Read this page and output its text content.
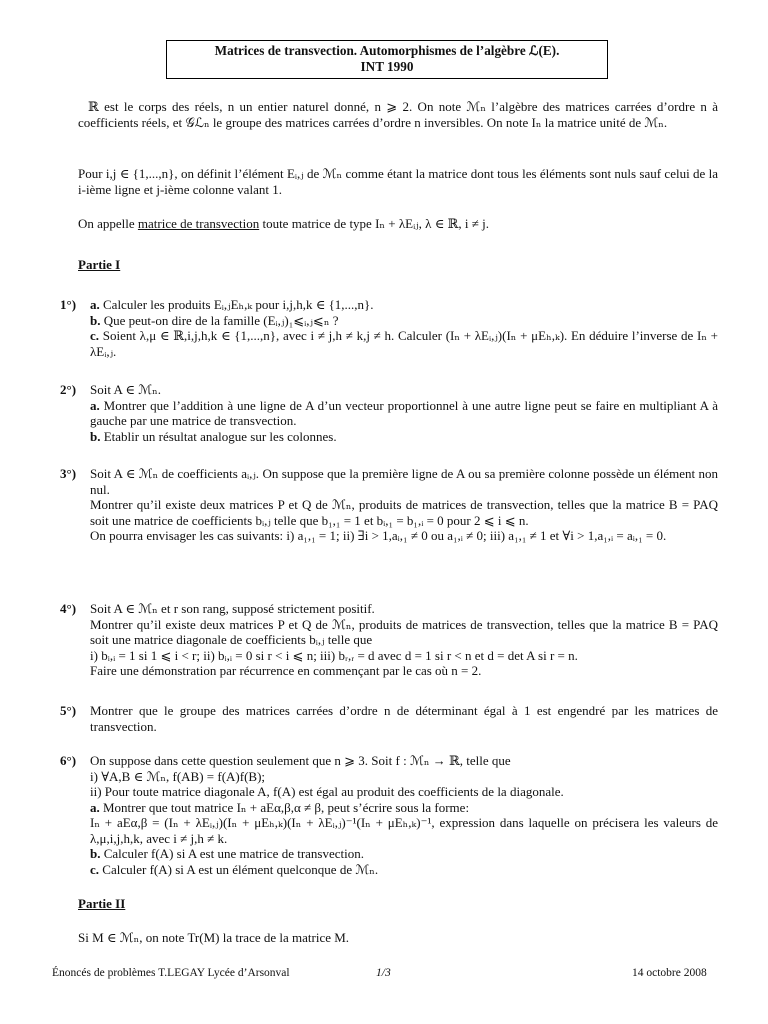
Matrices de transvection. Automorphismes de l’algèbre ℒ(E).
INT 1990
ℝ est le corps des réels, n un entier naturel donné, n ⩾ 2. On note ℳₙ l’algèbre des matrices carrées d’ordre n à coefficients réels, et 𝒢ℒₙ le groupe des matrices carrées d’ordre n inversibles. On note Iₙ la matrice unité de ℳₙ.
Pour i,j ∈ {1,...,n}, on définit l’élément Eᵢ,ⱼ de ℳₙ comme étant la matrice dont tous les éléments sont nuls sauf celui de la i-ième ligne et j-ième colonne valant 1.
On appelle matrice de transvection toute matrice de type Iₙ + λEᵢⱼ, λ ∈ ℝ, i ≠ j.
Partie I
1°) a. Calculer les produits Eᵢ,ⱼEₕ,ₖ pour i,j,h,k ∈ {1,...,n}.
b. Que peut-on dire de la famille (Eᵢ,ⱼ)₁⩽ᵢ,ⱼ⩽ₙ ?
c. Soient λ,μ ∈ ℝ,i,j,h,k ∈ {1,...,n}, avec i ≠ j,h ≠ k,j ≠ h. Calculer (Iₙ + λEᵢ,ⱼ)(Iₙ + μEₕ,ₖ). En déduire l’inverse de Iₙ + λEᵢ,ⱼ.
2°) Soit A ∈ ℳₙ.
a. Montrer que l’addition à une ligne de A d’un vecteur proportionnel à une autre ligne peut se faire en multipliant A à gauche par une matrice de transvection.
b. Etablir un résultat analogue sur les colonnes.
3°) Soit A ∈ ℳₙ de coefficients aᵢ,ⱼ. On suppose que la première ligne de A ou sa première colonne possède un élément non nul.
Montrer qu’il existe deux matrices P et Q de ℳₙ, produits de matrices de transvection, telles que la matrice B = PAQ soit une matrice de coefficients bᵢ,ⱼ telle que b₁,₁ = 1 et bᵢ,₁ = b₁,ᵢ = 0 pour 2 ⩽ i ⩽ n.
On pourra envisager les cas suivants: i) a₁,₁ = 1; ii) ∃i > 1,aᵢ,₁ ≠ 0 ou a₁,ᵢ ≠ 0; iii) a₁,₁ ≠ 1 et ∀i > 1,a₁,ᵢ = aᵢ,₁ = 0.
4°) Soit A ∈ ℳₙ et r son rang, supposé strictement positif.
Montrer qu’il existe deux matrices P et Q de ℳₙ, produits de matrices de transvection, telles que la matrice B = PAQ soit une matrice diagonale de coefficients bᵢ,ⱼ telle que
i) bᵢ,ᵢ = 1 si 1 ⩽ i < r; ii) bᵢ,ᵢ = 0 si r < i ⩽ n; iii) bᵣ,ᵣ = d avec d = 1 si r < n et d = det A si r = n.
Faire une démonstration par récurrence en commençant par le cas où n = 2.
5°) Montrer que le groupe des matrices carrées d’ordre n de déterminant égal à 1 est engendré par les matrices de transvection.
6°) On suppose dans cette question seulement que n ⩾ 3. Soit f : ℳₙ → ℝ, telle que
i) ∀A,B ∈ ℳₙ, f(AB) = f(A)f(B);
ii) Pour toute matrice diagonale A, f(A) est égal au produit des coefficients de la diagonale.
a. Montrer que tout matrice Iₙ + aEα,β,α ≠ β, peut s’écrire sous la forme:
Iₙ + aEα,β = (Iₙ + λEᵢ,ⱼ)(Iₙ + μEₕ,ₖ)(Iₙ + λEᵢ,ⱼ)⁻¹(Iₙ + μEₕ,ₖ)⁻¹, expression dans laquelle on précisera les valeurs de λ,μ,i,j,h,k, avec i ≠ j,h ≠ k.
b. Calculer f(A) si A est une matrice de transvection.
c. Calculer f(A) si A est un élément quelconque de ℳₙ.
Partie II
Si M ∈ ℳₙ, on note Tr(M) la trace de la matrice M.
Énoncés de problèmes T.LEGAY Lycée d’Arsonval	1/3	14 octobre 2008
